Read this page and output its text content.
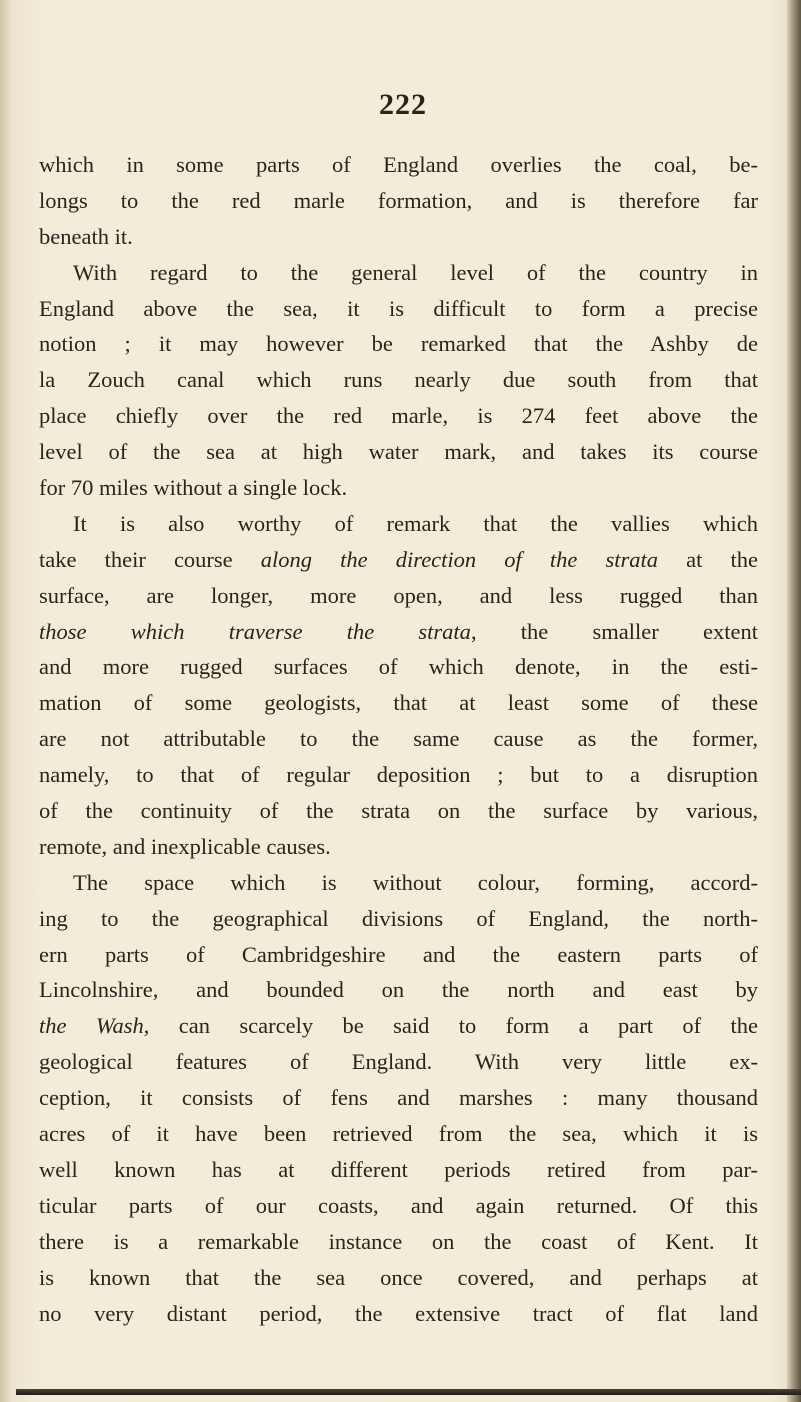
222
which in some parts of England overlies the coal, be-
longs to the red marle formation, and is therefore far
beneath it.
With regard to the general level of the country in
England above the sea, it is difficult to form a precise
notion ; it may however be remarked that the Ashby de
la Zouch canal which runs nearly due south from that
place chiefly over the red marle, is 274 feet above the
level of the sea at high water mark, and takes its course
for 70 miles without a single lock.
It is also worthy of remark that the vallies which
take their course along the direction of the strata at the
surface, are longer, more open, and less rugged than
those which traverse the strata, the smaller extent
and more rugged surfaces of which denote, in the esti-
mation of some geologists, that at least some of these
are not attributable to the same cause as the former,
namely, to that of regular deposition ; but to a disruption
of the continuity of the strata on the surface by various,
remote, and inexplicable causes.
The space which is without colour, forming, accord-
ing to the geographical divisions of England, the north-
ern parts of Cambridgeshire and the eastern parts of
Lincolnshire, and bounded on the north and east by
the Wash, can scarcely be said to form a part of the
geological features of England. With very little ex-
ception, it consists of fens and marshes : many thousand
acres of it have been retrieved from the sea, which it is
well known has at different periods retired from par-
ticular parts of our coasts, and again returned. Of this
there is a remarkable instance on the coast of Kent. It
is known that the sea once covered, and perhaps at
no very distant period, the extensive tract of flat land
